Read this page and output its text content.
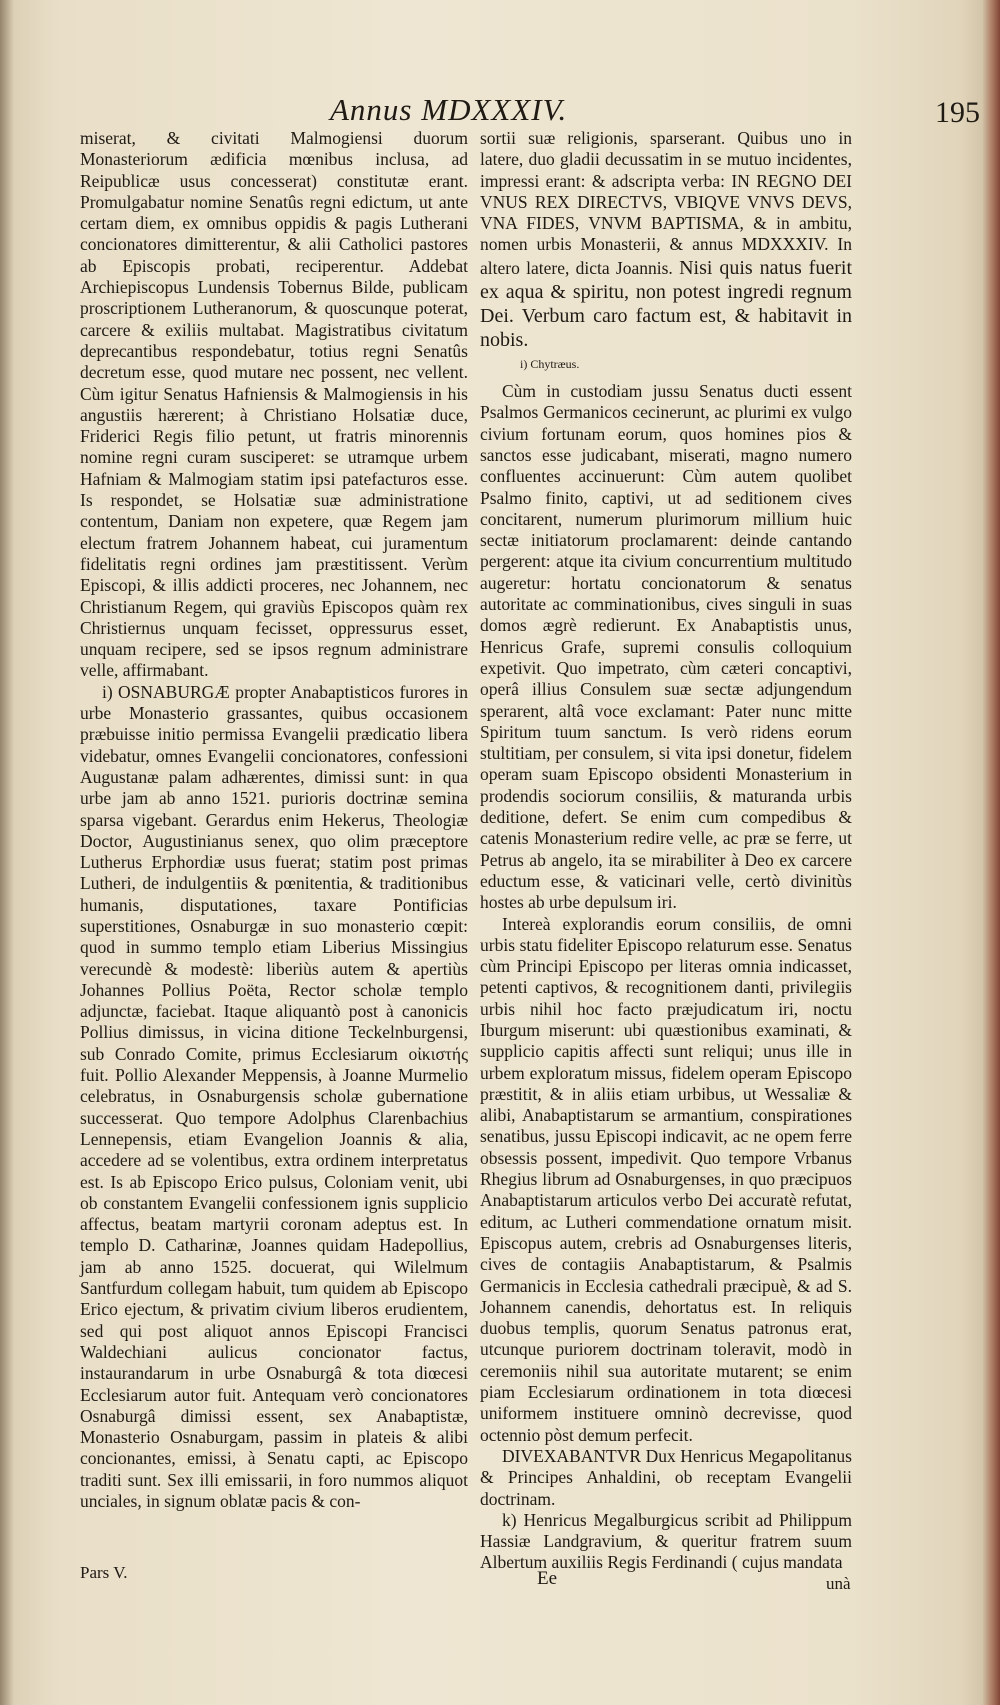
Annus MDXXXIV.	195

miserat, & civitati Malmogiensi duorum Monasteriorum ædificia mœnibus inclusa, ad Reipublicæ usus concesserat) constitutæ erant. Promulgabatur nomine Senatûs regni edictum, ut ante certam diem, ex omnibus oppidis & pagis Lutherani concionatores dimitterentur, & alii Catholici pastores ab Episcopis probati, reciperentur. Addebat Archiepiscopus Lundensis Tobernus Bilde, publicam proscriptionem Lutheranorum, & quoscunque poterat, carcere & exiliis multabat. Magistratibus civitatum deprecantibus respondebatur, totius regni Senatûs decretum esse, quod mutare nec possent, nec vellent. Cùm igitur Senatus Hafniensis & Malmogiensis in his angustiis hærerent; à Christiano Holsatiæ duce, Friderici Regis filio petunt, ut fratris minorennis nomine regni curam susciperet: se utramque urbem Hafniam & Malmogiam statim ipsi patefacturos esse. Is respondet, se Holsatiæ suæ administratione contentum, Daniam non expetere, quæ Regem jam electum fratrem Johannem habeat, cui juramentum fidelitatis regni ordines jam præstitissent. Verùm Episcopi, & illis addicti proceres, nec Johannem, nec Christianum Regem, qui graviùs Episcopos quàm rex Christiernus unquam fecisset, oppressurus esset, unquam recipere, sed se ipsos regnum administrare velle, affirmabant.

i) OSNABURGÆ propter Anabaptisticos furores in urbe Monasterio grassantes, quibus occasionem præbuisse initio permissa Evangelii prædicatio libera videbatur, omnes Evangelii concionatores, confessioni Augustanæ palam adhærentes, dimissi sunt: in qua urbe jam ab anno 1521. purioris doctrinæ semina sparsa vigebant. Gerardus enim Hekerus, Theologiæ Doctor, Augustinianus senex, quo olim præceptore Lutherus Erphordiæ usus fuerat; statim post primas Lutheri, de indulgentiis & pœnitentia, & traditionibus humanis, disputationes, taxare Pontificias superstitiones, Osnaburgæ in suo monasterio cœpit: quod in summo templo etiam Liberius Missingius verecundè & modestè: liberiùs autem & apertiùs Johannes Pollius Poëta, Rector scholæ templo adjunctæ, faciebat. Itaque aliquantò post à canonicis Pollius dimissus, in vicina ditione Teckelnburgensi, sub Conrado Comite, primus Ecclesiarum οἰκιστής fuit. Pollio Alexander Meppensis, à Joanne Murmelio celebratus, in Osnaburgensis scholæ gubernatione successerat. Quo tempore Adolphus Clarenbachius Lennepensis, etiam Evangelion Joannis & alia, accedere ad se volentibus, extra ordinem interpretatus est. Is ab Episcopo Erico pulsus, Coloniam venit, ubi ob constantem Evangelii confessionem ignis supplicio affectus, beatam martyrii coronam adeptus est. In templo D. Catharinæ, Joannes quidam Hadepollius, jam ab anno 1525. docuerat, qui Wilelmum Santfurdum collegam habuit, tum quidem ab Episcopo Erico ejectum, & privatim civium liberos erudientem, sed qui post aliquot annos Episcopi Francisci Waldechiani aulicus concionator factus, instaurandarum in urbe Osnaburgâ & tota diœcesi Ecclesiarum autor fuit. Antequam verò concionatores Osnaburgâ dimissi essent, sex Anabaptistæ, Monasterio Osnaburgam, passim in plateis & alibi concionantes, emissi, à Senatu capti, ac Episcopo traditi sunt. Sex illi emissarii, in foro nummos aliquot unciales, in signum oblatæ pacis & con-

sortii suæ religionis, sparserant. Quibus uno in latere, duo gladii decussatim in se mutuo incidentes, impressi erant: & adscripta verba: IN REGNO DEI VNUS REX DIRECTVS, VBIQVE VNVS DEVS, VNA FIDES, VNVM BAPTISMA, & in ambitu, nomen urbis Monasterii, & annus MDXXXIV. In altero latere, dicta Joannis. Nisi quis natus fuerit ex aqua & spiritu, non potest ingredi regnum Dei. Verbum caro factum est, & habitavit in nobis.

i) Chytræus.

Cùm in custodiam jussu Senatus ducti essent Psalmos Germanicos cecinerunt, ac plurimi ex vulgo civium fortunam eorum, quos homines pios & sanctos esse judicabant, miserati, magno numero confluentes accinuerunt: Cùm autem quolibet Psalmo finito, captivi, ut ad seditionem cives concitarent, numerum plurimorum millium huic sectæ initiatorum proclamarent: deinde cantando pergerent: atque ita civium concurrentium multitudo augeretur: hortatu concionatorum & senatus autoritate ac comminationibus, cives singuli in suas domos ægrè redierunt. Ex Anabaptistis unus, Henricus Grafe, supremi consulis colloquium expetivit. Quo impetrato, cùm cæteri concaptivi, operâ illius Consulem suæ sectæ adjungendum sperarent, altâ voce exclamant: Pater nunc mitte Spiritum tuum sanctum. Is verò ridens eorum stultitiam, per consulem, si vita ipsi donetur, fidelem operam suam Episcopo obsidenti Monasterium in prodendis sociorum consiliis, & maturanda urbis deditione, defert. Se enim cum compedibus & catenis Monasterium redire velle, ac præ se ferre, ut Petrus ab angelo, ita se mirabiliter à Deo ex carcere eductum esse, & vaticinari velle, certò divinitùs hostes ab urbe depulsum iri.

Intereà explorandis eorum consiliis, de omni urbis statu fideliter Episcopo relaturum esse. Senatus cùm Principi Episcopo per literas omnia indicasset, petenti captivos, & recognitionem danti, privilegiis urbis nihil hoc facto præjudicatum iri, noctu Iburgum miserunt: ubi quæstionibus examinati, & supplicio capitis affecti sunt reliqui; unus ille in urbem exploratum missus, fidelem operam Episcopo præstitit, & in aliis etiam urbibus, ut Wessaliæ & alibi, Anabaptistarum se armantium, conspirationes senatibus, jussu Episcopi indicavit, ac ne opem ferre obsessis possent, impedivit. Quo tempore Vrbanus Rhegius librum ad Osnaburgenses, in quo præcipuos Anabaptistarum articulos verbo Dei accuratè refutat, editum, ac Lutheri commendatione ornatum misit. Episcopus autem, crebris ad Osnaburgenses literis, cives de contagiis Anabaptistarum, & Psalmis Germanicis in Ecclesia cathedrali præcipuè, & ad S. Johannem canendis, dehortatus est. In reliquis duobus templis, quorum Senatus patronus erat, utcunque puriorem doctrinam toleravit, modò in ceremoniis nihil sua autoritate mutarent; se enim piam Ecclesiarum ordinationem in tota diœcesi uniformem instituere omninò decrevisse, quod octennio pòst demum perfecit.

DIVEXABANTVR Dux Henricus Megapolitanus & Principes Anhaldini, ob receptam Evangelii doctrinam.

k) Henricus Megalburgicus scribit ad Philippum Hassiæ Landgravium, & queritur fratrem suum Albertum auxiliis Regis Ferdinandi ( cujus mandata

Pars V.	Ee	unà
